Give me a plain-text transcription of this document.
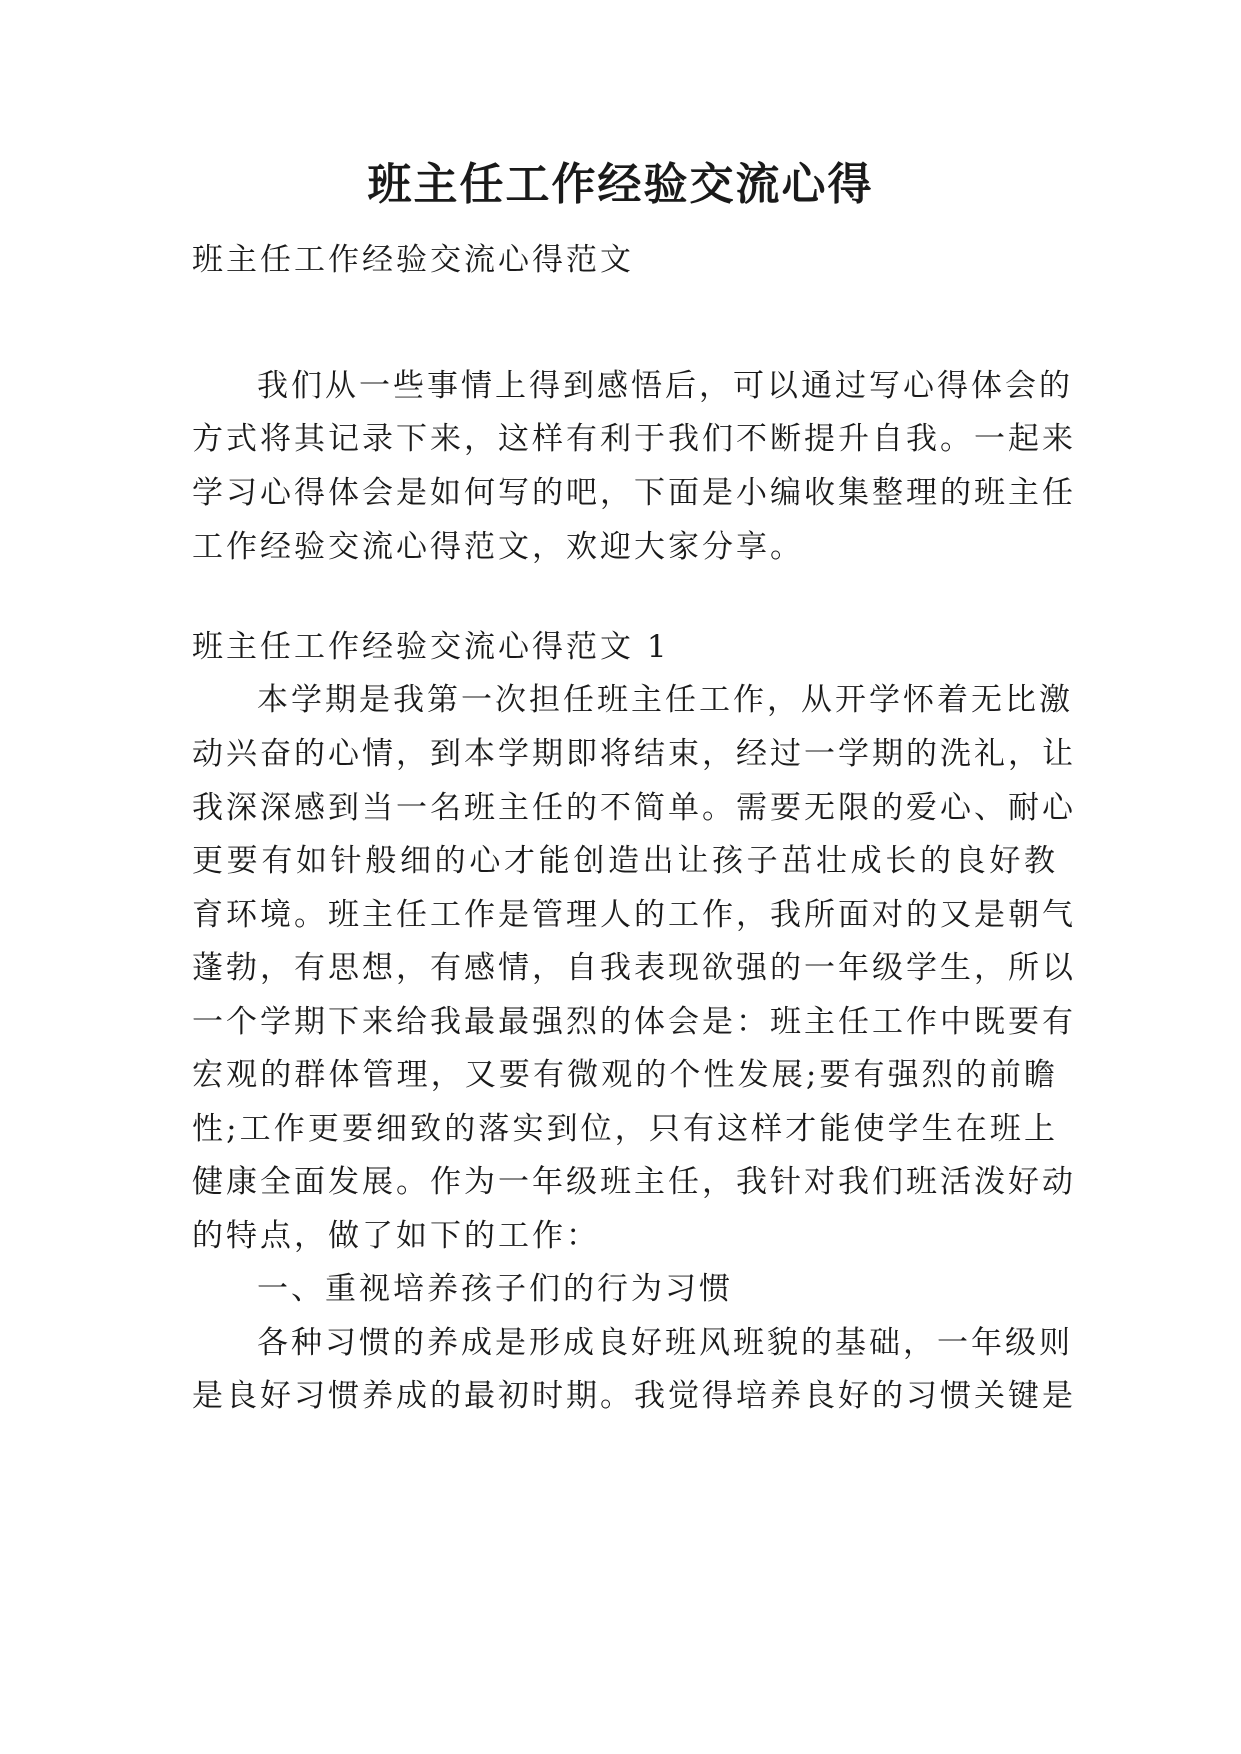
班主任工作经验交流心得

班主任工作经验交流心得范文

我们从一些事情上得到感悟后，可以通过写心得体会的

方式将其记录下来，这样有利于我们不断提升自我。一起来

学习心得体会是如何写的吧，下面是小编收集整理的班主任

工作经验交流心得范文，欢迎大家分享。

班主任工作经验交流心得范文 1

本学期是我第一次担任班主任工作，从开学怀着无比激

动兴奋的心情，到本学期即将结束，经过一学期的洗礼，让

我深深感到当一名班主任的不简单。需要无限的爱心、耐心

更要有如针般细的心才能创造出让孩子茁壮成长的良好教

育环境。班主任工作是管理人的工作，我所面对的又是朝气

蓬勃，有思想，有感情，自我表现欲强的一年级学生，所以

一个学期下来给我最最强烈的体会是：班主任工作中既要有

宏观的群体管理，又要有微观的个性发展;要有强烈的前瞻

性;工作更要细致的落实到位，只有这样才能使学生在班上

健康全面发展。作为一年级班主任，我针对我们班活泼好动

的特点，做了如下的工作：

一、重视培养孩子们的行为习惯

各种习惯的养成是形成良好班风班貌的基础，一年级则

是良好习惯养成的最初时期。我觉得培养良好的习惯关键是
